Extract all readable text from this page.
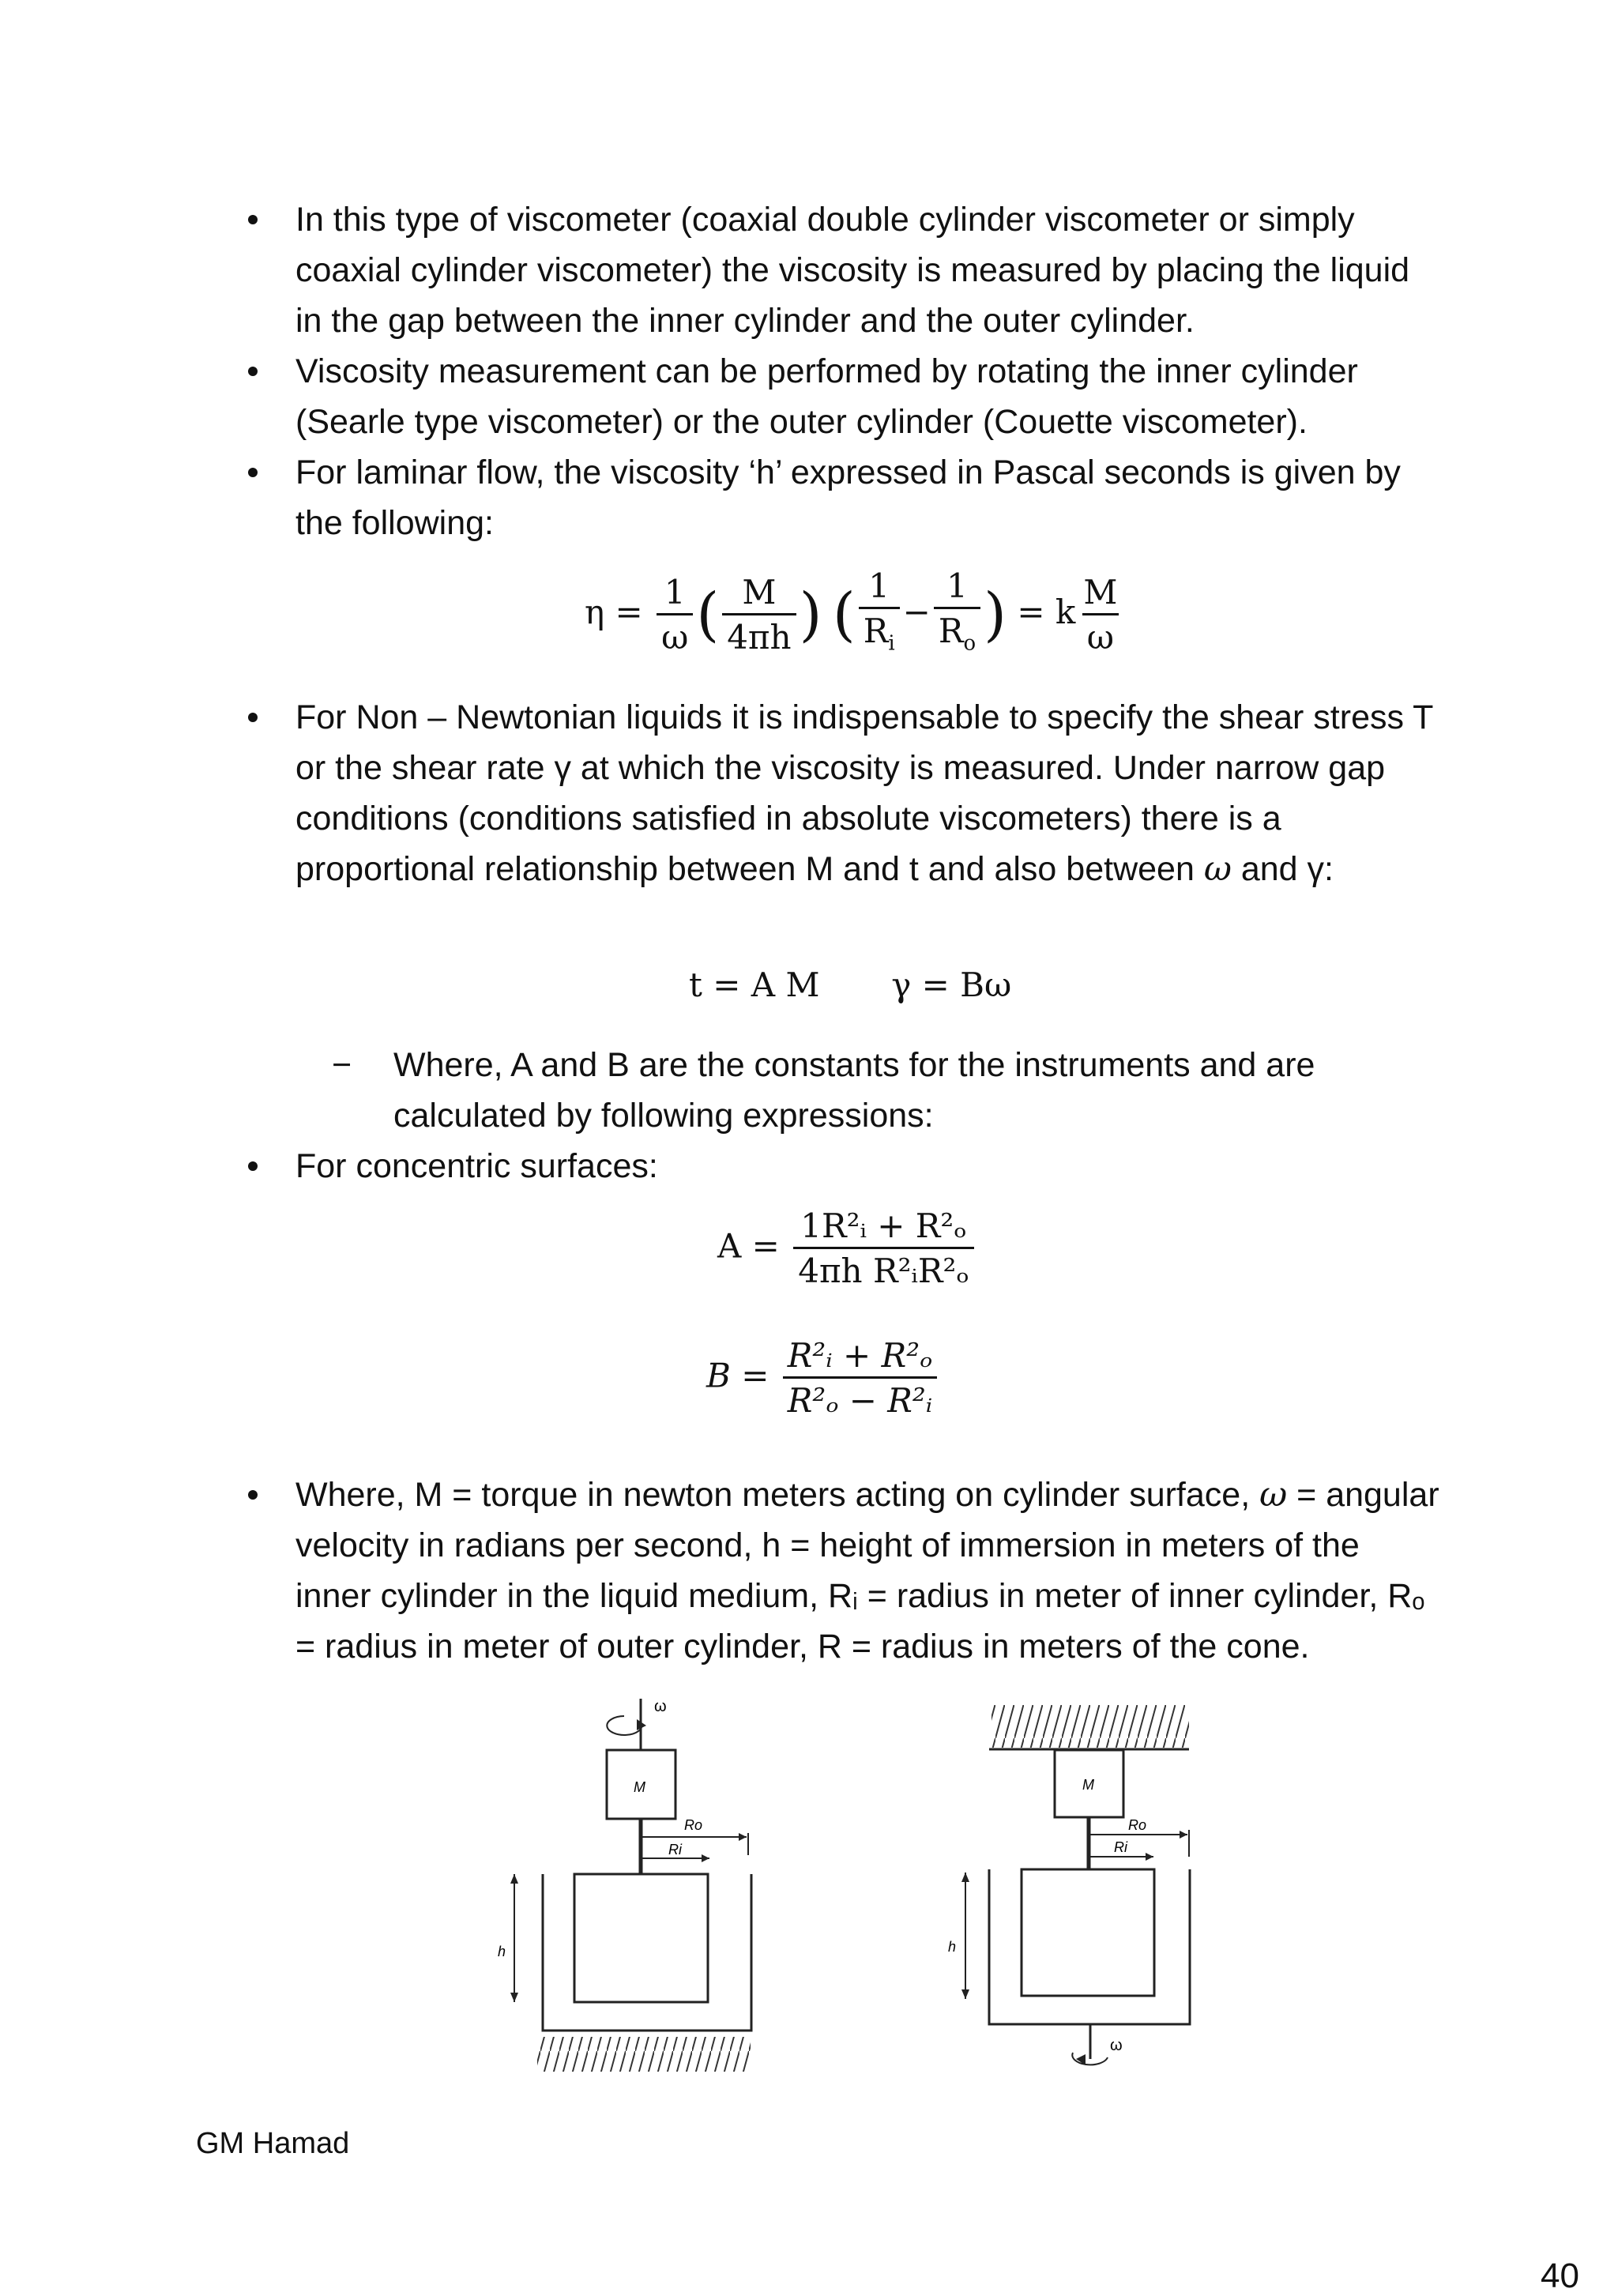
In this type of viscometer (coaxial double cylinder viscometer or simply coaxial cylinder viscometer) the viscosity is measured by placing the liquid in the gap between the inner cylinder and the outer cylinder.

Viscosity measurement can be performed by rotating the inner cylinder (Searle type viscometer) or the outer cylinder (Couette viscometer).

For laminar flow, the viscosity ‘h’ expressed in Pascal seconds is given by the following:

For Non – Newtonian liquids it is indispensable to specify the shear stress T or the shear rate γ at which the viscosity is measured. Under narrow gap conditions (conditions satisfied in absolute viscometers) there is a proportional relationship between M and t and also between ω and γ:

− Where, A and B are the constants for the instruments and are calculated by following expressions:

For concentric surfaces:

Where, M = torque in newton meters acting on cylinder surface, ω = angular velocity in radians per second, h = height of immersion in meters of the inner cylinder in the liquid medium, Rᵢ = radius in meter of inner cylinder, Rₒ = radius in meter of outer cylinder, R = radius in meters of the cone.

$\eta = \frac{1}{\omega}$ ( $\frac{M}{4\pi h}$ ) ( $\frac{1}{R_i} - \frac{1}{R_o}$ ) = k $\frac{M}{\omega}$
t = A M γ = Bω
$A = \frac{\text{1R²ᵢ + R²ₒ}}{\text{4πh R²ᵢR²ₒ}}$
$B = \frac{\text{R²ᵢ + R²ₒ}}{\text{R²ₒ − R²ᵢ}}$
ω
M
Ro
Ri
h
M
Ro
Ri
h
ω
GM Hamad
40
